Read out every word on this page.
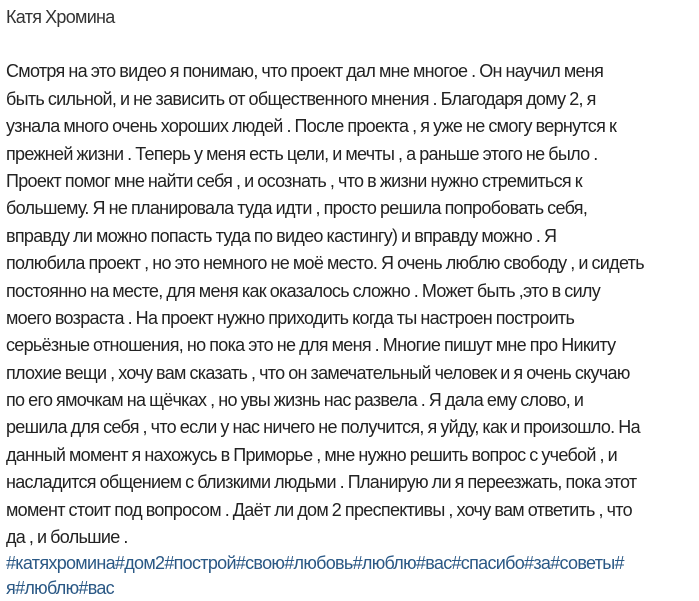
Катя Хромина
Смотря на это видео я понимаю, что проект дал мне многое . Он научил меня
быть сильной, и не зависить от общественного мнения . Благодаря дому 2, я
узнала много очень хороших людей . После проекта , я уже не смогу вернутся к
прежней жизни . Теперь у меня есть цели, и мечты , а раньше этого не было .
Проект помог мне найти себя , и осознать , что в жизни нужно стремиться к
большему. Я не планировала туда идти , просто решила попробовать себя,
вправду ли можно попасть туда по видео кастингу) и вправду можно . Я
полюбила проект , но это немного не моё место. Я очень люблю свободу , и сидеть
постоянно на месте, для меня как оказалось сложно . Может быть ,это в силу
моего возраста . На проект нужно приходить когда ты настроен построить
серьёзные отношения, но пока это не для меня . Многие пишут мне про Никиту
плохие вещи , хочу вам сказать , что он замечательный человек и я очень скучаю
по его ямочкам на щёчках , но увы жизнь нас развела . Я дала ему слово, и
решила для себя , что если у нас ничего не получится, я уйду, как и произошло. На
данный момент я нахожусь в Приморье , мне нужно решить вопрос с учебой , и
насладится общением с близкими людьми . Планирую ли я переезжать, пока этот
момент стоит под вопросом . Даёт ли дом 2 преспективы , хочу вам ответить , что
да , и большие .
#катяхромина#дом2#построй#свою#любовь#люблю#вас#спасибо#за#советы#
я#люблю#вас
